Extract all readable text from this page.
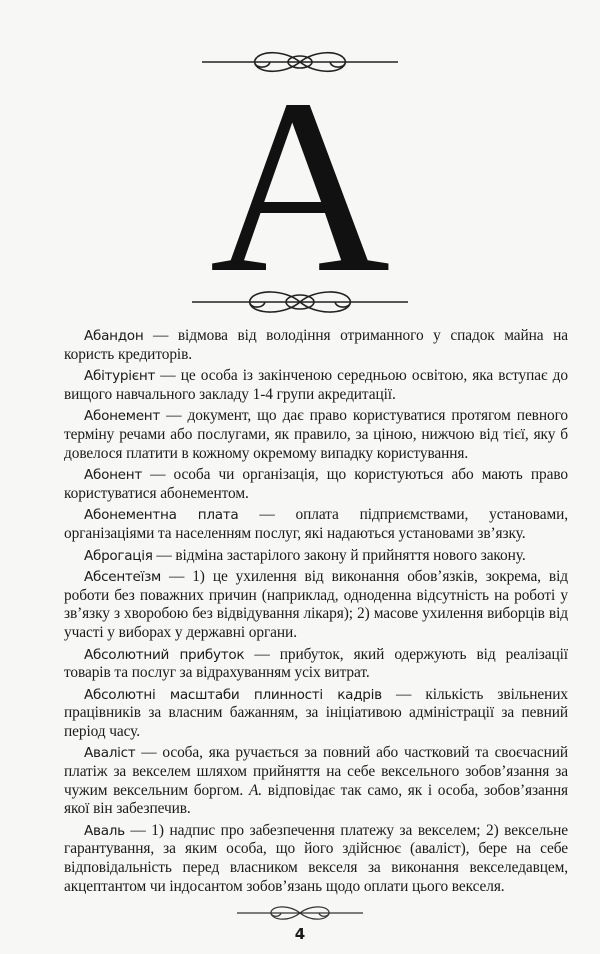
A

Абандон — відмова від володіння отриманного у спадок майна на користь кредиторів.

Абітурієнт — це особа із закінченою середньою освітою, яка вступає до вищого навчального закладу 1-4 групи акредитації.

Абонемент — документ, що дає право користуватися протягом певного терміну речами або послугами, як правило, за ціною, нижчою від тієї, яку б довелося платити в кожному окремому випадку користування.

Абонент — особа чи організація, що користуються або мають право користуватися абонементом.

Абонементна плата — оплата підприємствами, установами, організаціями та населенням послуг, які надаються установами зв’язку.

Аброгація — відміна застарілого закону й прийняття нового закону.

Абсентеїзм — 1) це ухилення від виконання обов’язків, зокрема, від роботи без поважних причин (наприклад, одноденна відсутність на роботі у зв’язку з хворобою без відвідування лікаря); 2) масове ухилення виборців від участі у виборах у державні органи.

Абсолютний прибуток — прибуток, який одержують від реалізації товарів та послуг за відрахуванням усіх витрат.

Абсолютні масштаби плинності кадрів — кількість звільнених працівників за власним бажанням, за ініціативою адміністрації за певний період часу.

Аваліст — особа, яка ручається за повний або частковий та своєчасний платіж за векселем шляхом прийняття на себе вексельного зобов’язання за чужим вексельним боргом. А. відповідає так само, як і особа, зобов’язання якої він забезпечив.

Аваль — 1) надпис про забезпечення платежу за векселем; 2) вексельне гарантування, за яким особа, що його здійснює (аваліст), бере на себе відповідальність перед власником векселя за виконання векселедавцем, акцептантом чи індосантом зобов’язань щодо оплати цього векселя.

4
